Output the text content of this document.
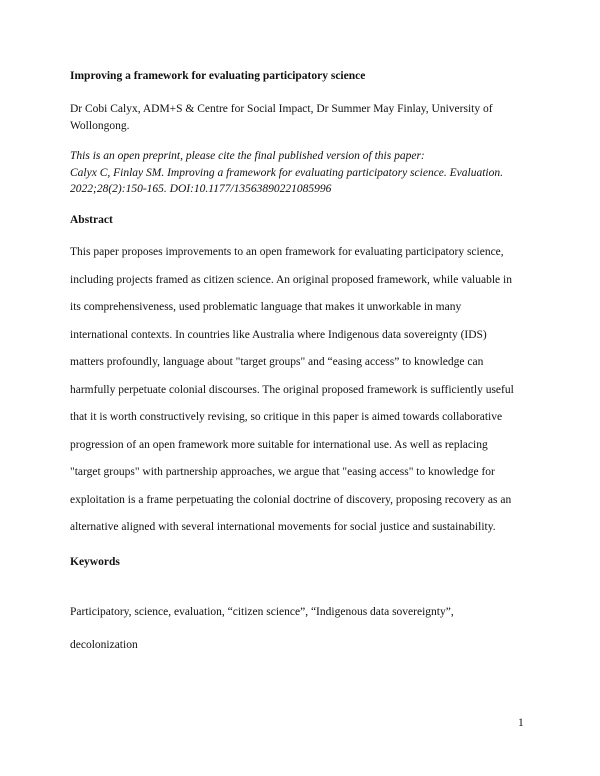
Improving a framework for evaluating participatory science
Dr Cobi Calyx, ADM+S & Centre for Social Impact, Dr Summer May Finlay, University of
Wollongong.
This is an open preprint, please cite the final published version of this paper:
Calyx C, Finlay SM. Improving a framework for evaluating participatory science. Evaluation.
2022;28(2):150-165. DOI:10.1177/13563890221085996
Abstract
This paper proposes improvements to an open framework for evaluating participatory science,
including projects framed as citizen science. An original proposed framework, while valuable in
its comprehensiveness, used problematic language that makes it unworkable in many
international contexts. In countries like Australia where Indigenous data sovereignty (IDS)
matters profoundly, language about "target groups" and “easing access” to knowledge can
harmfully perpetuate colonial discourses. The original proposed framework is sufficiently useful
that it is worth constructively revising, so critique in this paper is aimed towards collaborative
progression of an open framework more suitable for international use. As well as replacing
"target groups" with partnership approaches, we argue that "easing access" to knowledge for
exploitation is a frame perpetuating the colonial doctrine of discovery, proposing recovery as an
alternative aligned with several international movements for social justice and sustainability.
Keywords
Participatory, science, evaluation, “citizen science”, “Indigenous data sovereignty”,
decolonization
1
